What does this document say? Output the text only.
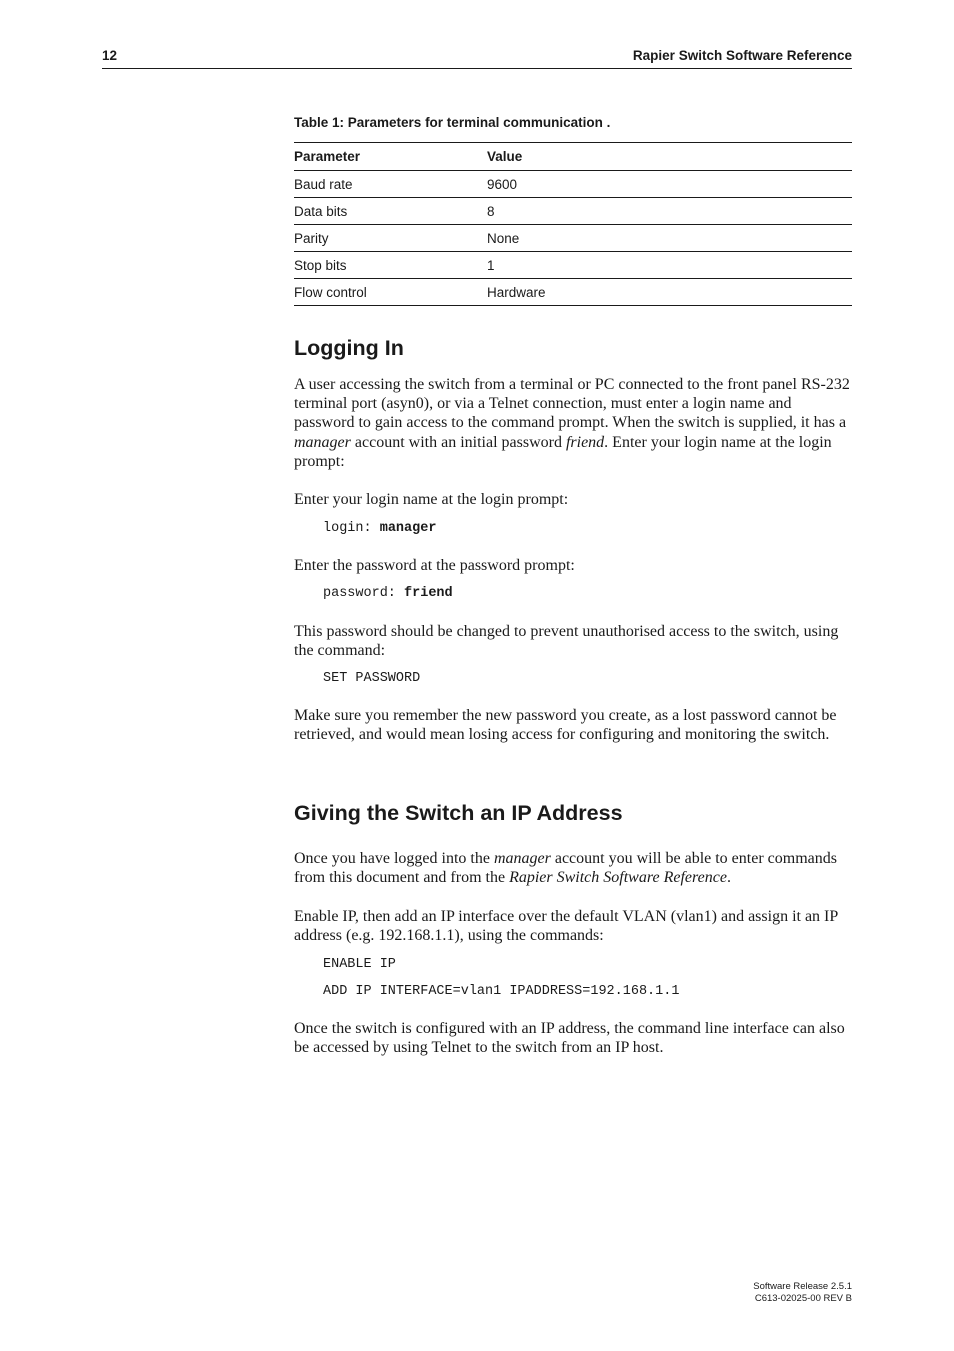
12	Rapier Switch Software Reference
Table 1: Parameters for terminal communication .
Parameter	Value
Baud rate	9600
Data bits	8
Parity	None
Stop bits	1
Flow control	Hardware
Logging In

A user accessing the switch from a terminal or PC connected to the front panel RS-232 terminal port (asyn0), or via a Telnet connection, must enter a login name and password to gain access to the command prompt. When the switch is supplied, it has a manager account with an initial password friend. Enter your login name at the login prompt:

Enter your login name at the login prompt:

login: manager

Enter the password at the password prompt:

password: friend

This password should be changed to prevent unauthorised access to the switch, using the command:

SET PASSWORD

Make sure you remember the new password you create, as a lost password cannot be retrieved, and would mean losing access for configuring and monitoring the switch.

Giving the Switch an IP Address

Once you have logged into the manager account you will be able to enter commands from this document and from the Rapier Switch Software Reference.

Enable IP, then add an IP interface over the default VLAN (vlan1) and assign it an IP address (e.g. 192.168.1.1), using the commands:

ENABLE IP
ADD IP INTERFACE=vlan1 IPADDRESS=192.168.1.1

Once the switch is configured with an IP address, the command line interface can also be accessed by using Telnet to the switch from an IP host.

Software Release 2.5.1
C613-02025-00 REV B
